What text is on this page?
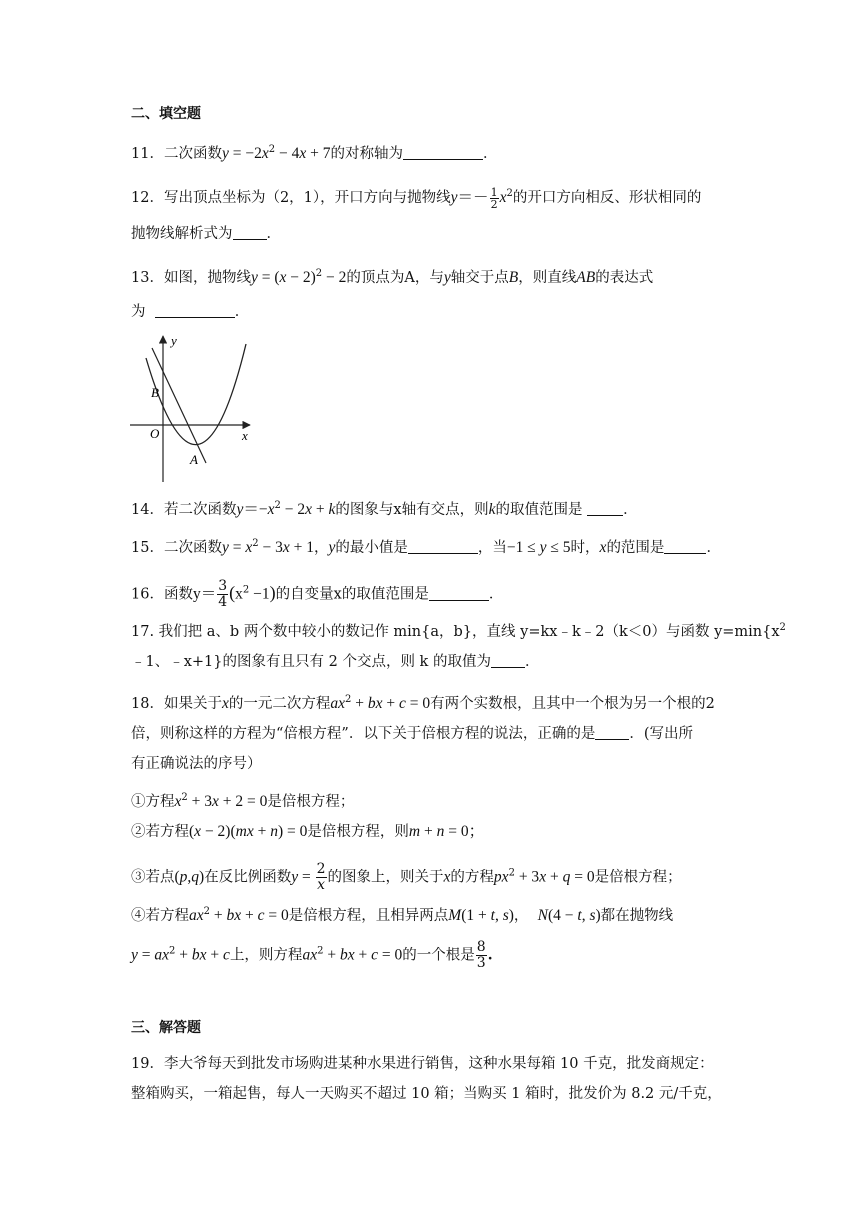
二、填空题
11．二次函数$y = -2x^2 - 4x + 7$的对称轴为	．
12．写出顶点坐标为（2，1），开口方向与抛物线$y=- \frac{1}{2} x^2$的开口方向相反、形状相同的
抛物线解析式为 ．
13．如图，抛物线$y = (x - 2)^2 - 2$的顶点为A，与y轴交于点B，则直线AB的表达式
为	．
y
x
O
B
A
14．若二次函数$y=-x^2 - 2x + k$的图象与x轴有交点，则k的取值范围是	．
15．二次函数$y = x^2 - 3x + 1$，y的最小值是	，当−1 ≤ y ≤ 5时，x的范围是	．
16．函数$y= \frac{3}{4} (x^2 -1)$的自变量x的取值范围是	．
17. 我们把 a、b 两个数中较小的数记作 min{a，b}，直线 y=kx﹣k﹣2（k＜0）与函数 $y=\min\{x^2$
﹣1、﹣x+1}的图象有且只有 2 个交点，则 k 的取值为 ．
18．如果关于x的一元二次方程$ax^2$ + bx + c = 0有两个实数根，且其中一个根为另一个根的2
倍，则称这样的方程为“倍根方程”．以下关于倍根方程的说法，正确的是 ．(写出所
有正确说法的序号）
①方程$x^2 + 3x + 2 = 0$是倍根方程；
②若方程(x − 2)(mx + n) = 0是倍根方程，则m + n = 0；
③若点(p,q)在反比例函数$y = \frac{2}{x}$ 的图象上，则关于x的方程$px^2 + 3x + q = 0$是倍根方程；
④若方程$ax^2$ + bx + c = 0是倍根方程，且相异两点M(1 + t, s)， N(4 − t, s)都在抛物线
$y = ax^2$ + bx + c上，则方程$ax^2$ + bx + c = 0的一个根是 $\frac{8}{3}$ .
三、解答题
19．李大爷每天到批发市场购进某种水果进行销售，这种水果每箱 10 千克，批发商规定：
整箱购买，一箱起售，每人一天购买不超过 10 箱；当购买 1 箱时，批发价为 8.2 元/千克，
